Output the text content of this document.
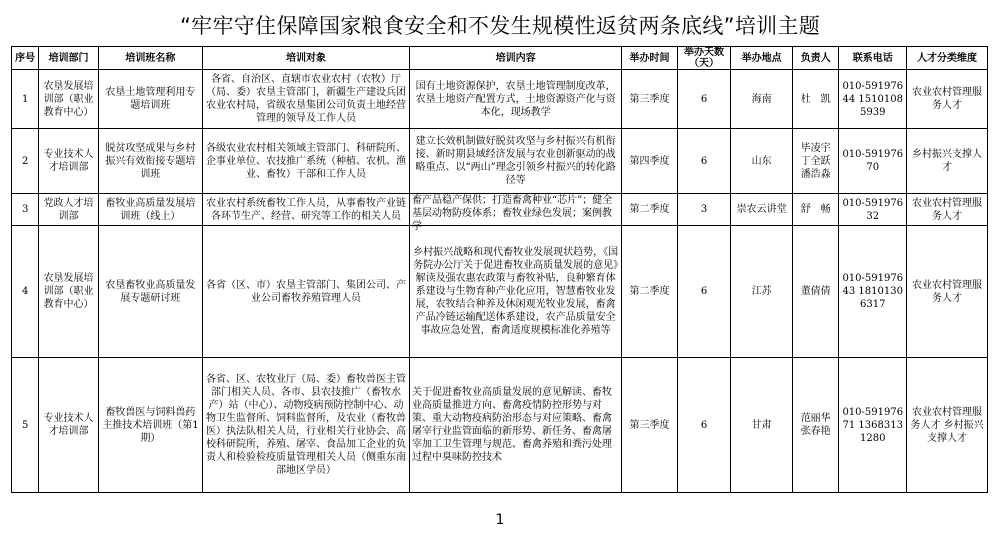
“牢牢守住保障国家粮食安全和不发生规模性返贫两条底线”培训主题
序号	培训部门	培训班名称	培训对象	培训内容	举办时间	举办天数（天）	举办地点	负责人	联系电话	人才分类维度
1	农垦发展培训部（职业教育中心）	农垦土地管理利用专题培训班	各省、自治区、直辖市农业农村（农牧）厅（局、委）农垦主管部门，新疆生产建设兵团农业农村局，省级农垦集团公司负责土地经营管理的领导及工作人员	国有土地资源保护，农垦土地管理制度改革，农垦土地资产配置方式，土地资源资产化与资本化，现场教学	第三季度	6	海南	杜　凯	010-59197644 15101085939	农业农村管理服务人才
2	专业技术人才培训部	脱贫攻坚成果与乡村振兴有效衔接专题培训班	各级农业农村相关领域主管部门、科研院所、企事业单位、农技推广系统（种植、农机、渔业、畜牧）干部和工作人员	建立长效机制做好脱贫攻坚与乡村振兴有机衔接、新时期县域经济发展与农业创新驱动的战略重点、以“两山”理念引领乡村振兴的转化路径等	第四季度	6	山东	毕凌宇 丁全跃 潘浩淼	010-59197670	乡村振兴支撑人才
3	党政人才培训部	畜牧业高质量发展培训班（线上）	农业农村系统畜牧工作人员，从事畜牧产业链各环节生产、经营、研究等工作的相关人员	畜产品稳产保供；打造畜禽种业“芯片”；健全基层动物防疫体系；畜牧业绿色发展；案例教学	第二季度	3	崇农云讲堂	舒　畅	010-59197632	农业农村管理服务人才
4	农垦发展培训部（职业教育中心）	农垦畜牧业高质量发展专题研讨班	各省（区、市）农垦主管部门、集团公司、产业公司畜牧养殖管理人员	乡村振兴战略和现代畜牧业发展现状趋势，《国务院办公厅关于促进畜牧业高质量发展的意见》解读及强农惠农政策与畜牧补贴，良种繁育体系建设与生物育种产业化应用，智慧畜牧业发展，农牧结合种养及休闲观光牧业发展，畜禽产品冷链运输配送体系建设，农产品质量安全事故应急处置，畜禽适度规模标准化养殖等	第二季度	6	江苏	董倩倩	010-59197643 18101306317	农业农村管理服务人才
5	专业技术人才培训部	畜牧兽医与饲料兽药主推技术培训班（第1期）	各省、区、农牧业厅（局、委）畜牧兽医主管部门相关人员、各市、县农技推广（畜牧水产）站（中心）、动物疫病预防控制中心、动物卫生监督所、饲料监督所，及农业（畜牧兽医）执法队相关人员，行业相关行业协会、高校科研院所，养殖、屠宰、食品加工企业的负责人和检验检疫质量管理相关人员（侧重东南部地区学员）	关于促进畜牧业高质量发展的意见解读、畜牧业高质量推进方向、畜禽疫情防控形势与对策、重大动物疫病防治形态与对应策略、畜禽屠宰行业监管面临的新形势、新任务、畜禽屠宰加工卫生管理与规范、畜禽养殖和粪污处理过程中臭味防控技术	第三季度	6	甘肃	范丽华 张春艳	010-59197671 13683131280	农业农村管理服务人才 乡村振兴支撑人才
1
